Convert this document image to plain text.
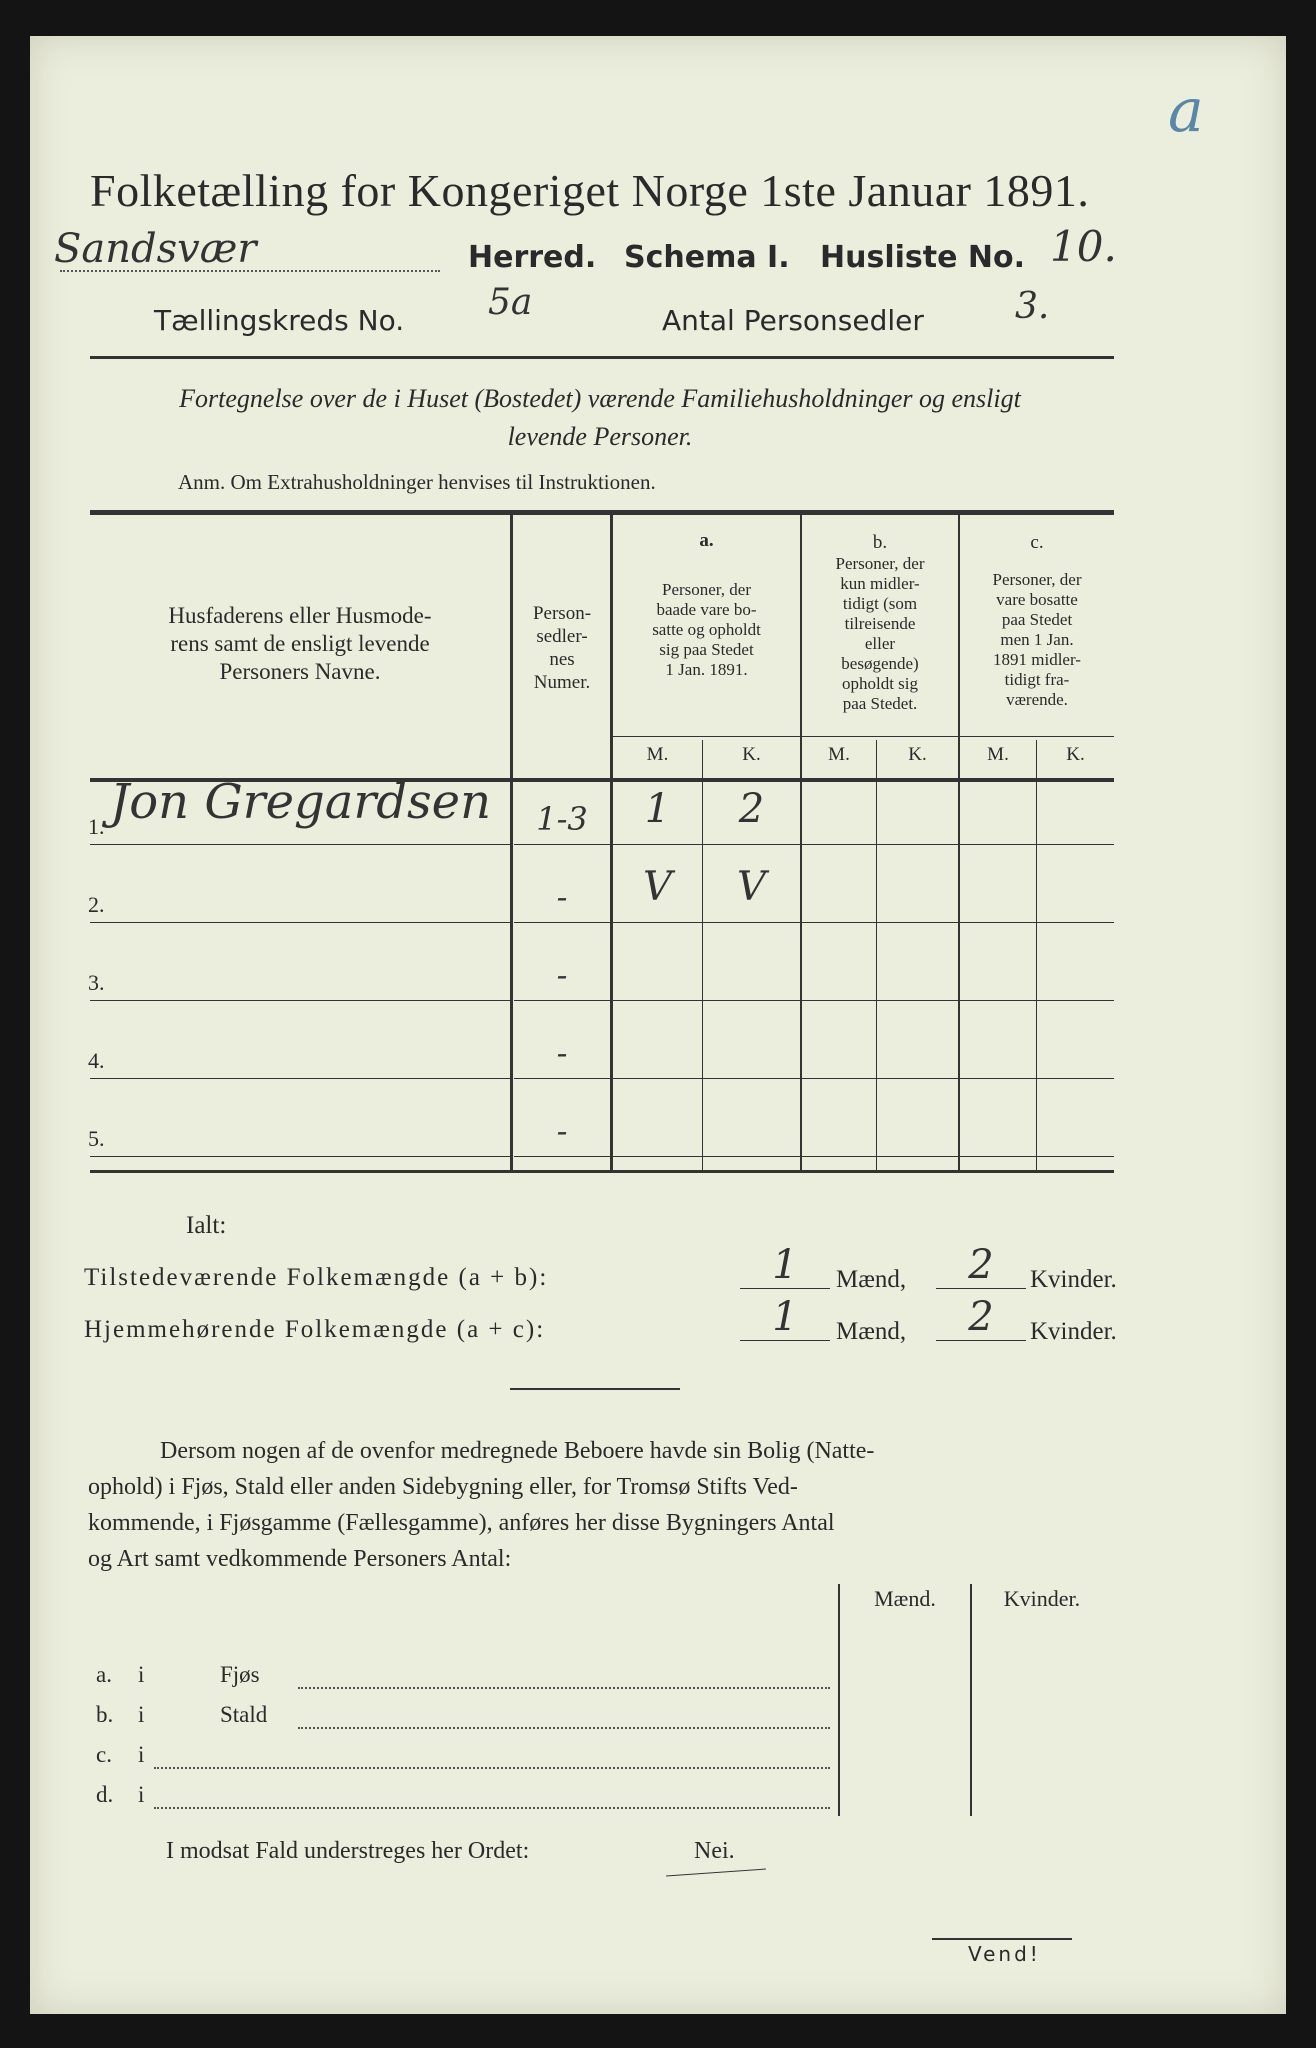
a
Folketælling for Kongeriget Norge 1ste Januar 1891.
Sandsvær	Herred. Schema I. Husliste No. 10.
Tællingskreds No. 5a	Antal Personsedler	3.
Fortegnelse over de i Huset (Bostedet) værende Familiehusholdninger og ensligt
levende Personer.
Anm. Om Extrahusholdninger henvises til Instruktionen.
Husfaderens eller Husmode-
rens samt de ensligt levende
Personers Navne.
Person-
sedler-
nes
Numer.
a.
Personer, der
baade vare bo-
satte og opholdt
sig paa Stedet
1 Jan. 1891.
b.
Personer, der
kun midler-
tidigt (som
tilreisende
eller
besøgende)
opholdt sig
paa Stedet.
c.
Personer, der
vare bosatte
paa Stedet
men 1 Jan.
1891 midler-
tidigt fra-
værende.
M.	K.	M.	K.	M.	K.
1. Jon Gregardsen	1-3	1	2
2.	-	V	V
3.	-
4.	-
5.	-
Ialt:
Tilstedeværende Folkemængde (a + b):	1	Mænd,	2	Kvinder.
Hjemmehørende Folkemængde (a + c):	1	Mænd,	2	Kvinder.
Dersom nogen af de ovenfor medregnede Beboere havde sin Bolig (Natte-
ophold) i Fjøs, Stald eller anden Sidebygning eller, for Tromsø Stifts Ved-
kommende, i Fjøsgamme (Fællesgamme), anføres her disse Bygningers Antal
og Art samt vedkommende Personers Antal:
Mænd.	Kvinder.
a. i	Fjøs
b. i	Stald
c. i
d. i
I modsat Fald understreges her Ordet:	Nei.
Vend!
